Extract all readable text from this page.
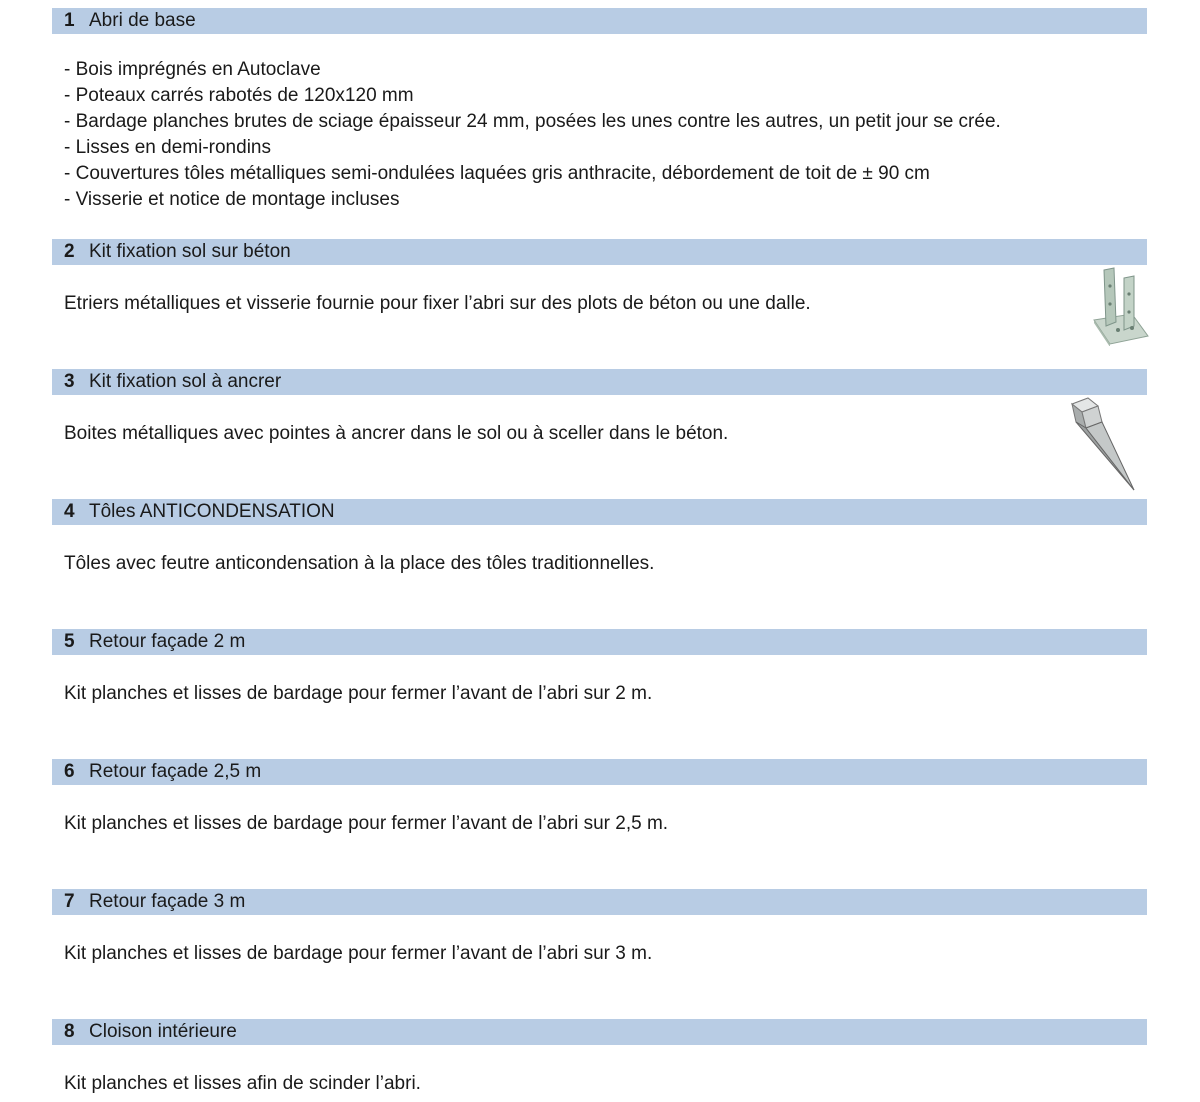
1 Abri de base
- Bois imprégnés en Autoclave
- Poteaux carrés rabotés de 120x120 mm
- Bardage planches brutes de sciage épaisseur 24 mm, posées les unes contre les autres, un petit jour se crée.
- Lisses en demi-rondins
- Couvertures tôles métalliques semi-ondulées laquées gris anthracite, débordement de toit de ± 90 cm
- Visserie et notice de montage incluses
2 Kit fixation sol sur béton
Etriers métalliques et visserie fournie pour fixer l’abri sur des plots de béton ou une dalle.
3 Kit fixation sol à ancrer
Boites métalliques avec pointes à ancrer dans le sol ou à sceller dans le béton.
4 Tôles ANTICONDENSATION
Tôles avec feutre anticondensation à la place des tôles traditionnelles.
5 Retour façade 2 m
Kit planches et lisses de bardage pour fermer l’avant de l’abri sur 2 m.
6 Retour façade 2,5 m
Kit planches et lisses de bardage pour fermer l’avant de l’abri sur 2,5 m.
7 Retour façade 3 m
Kit planches et lisses de bardage pour fermer l’avant de l’abri sur 3 m.
8 Cloison intérieure
Kit planches et lisses afin de scinder l’abri.
